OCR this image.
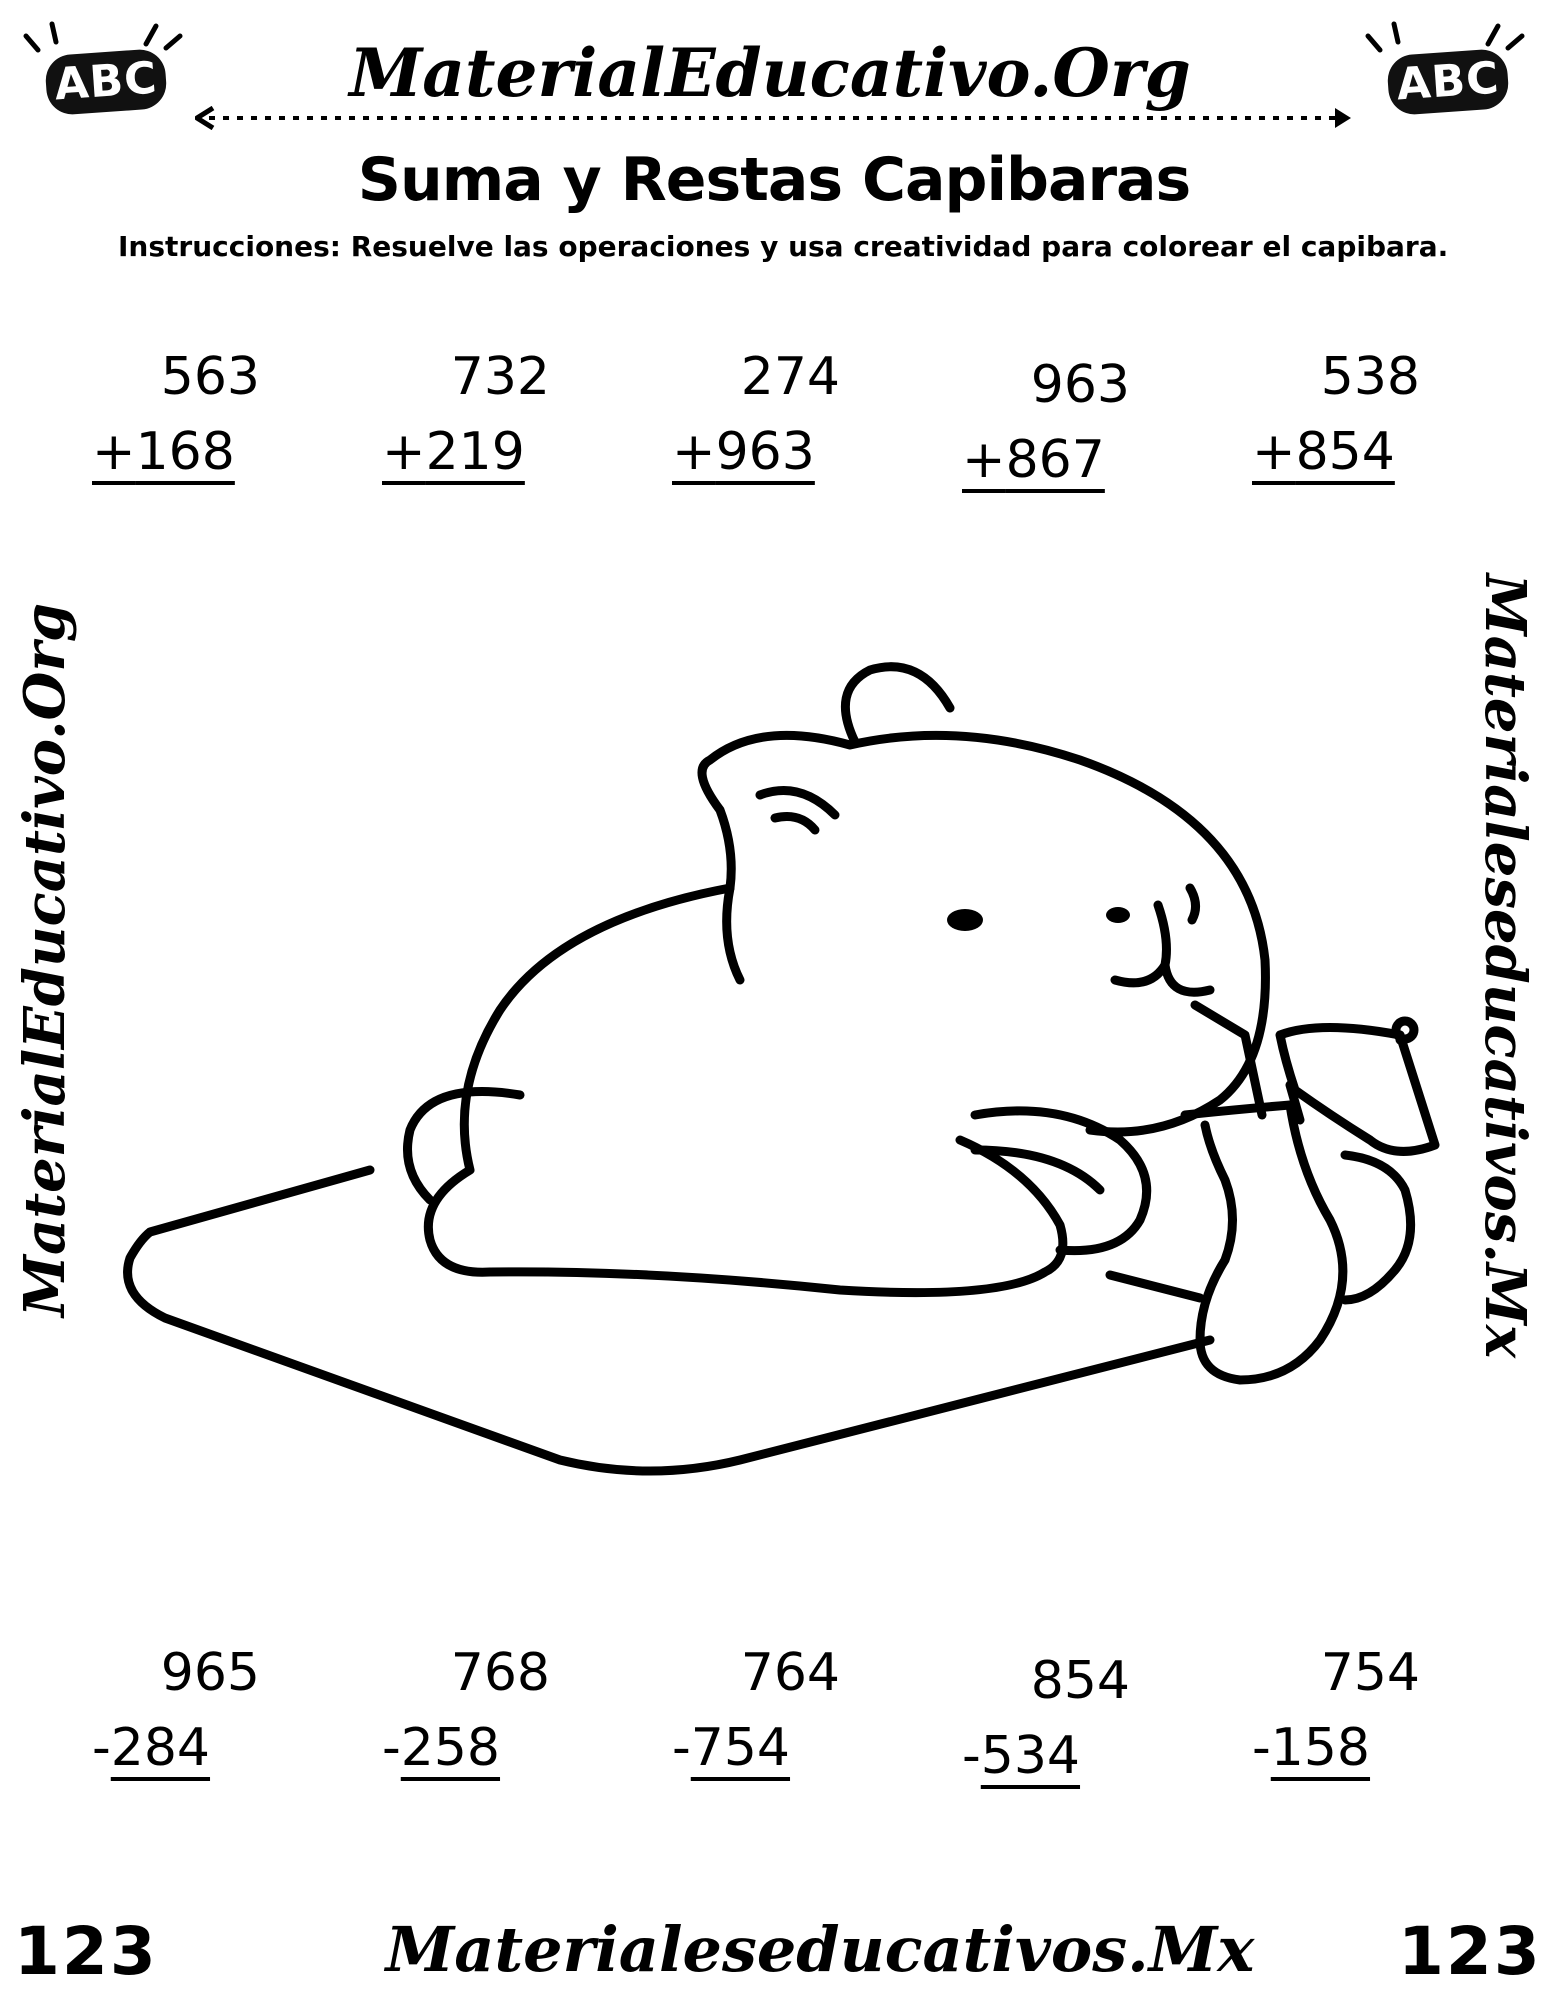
ABC	ABC
MaterialEducativo.Org
Suma y Restas Capibaras
Instrucciones: Resuelve las operaciones y usa creatividad para colorear el capibara.
563
+168
732
+219
274
+963
963
+867
538
+854
MaterialEducativo.Org	Materialeseducativos.Mx
965
-284
768
-258
764
-754
854
-534
754
-158
123	Materialeseducativos.Mx 123
